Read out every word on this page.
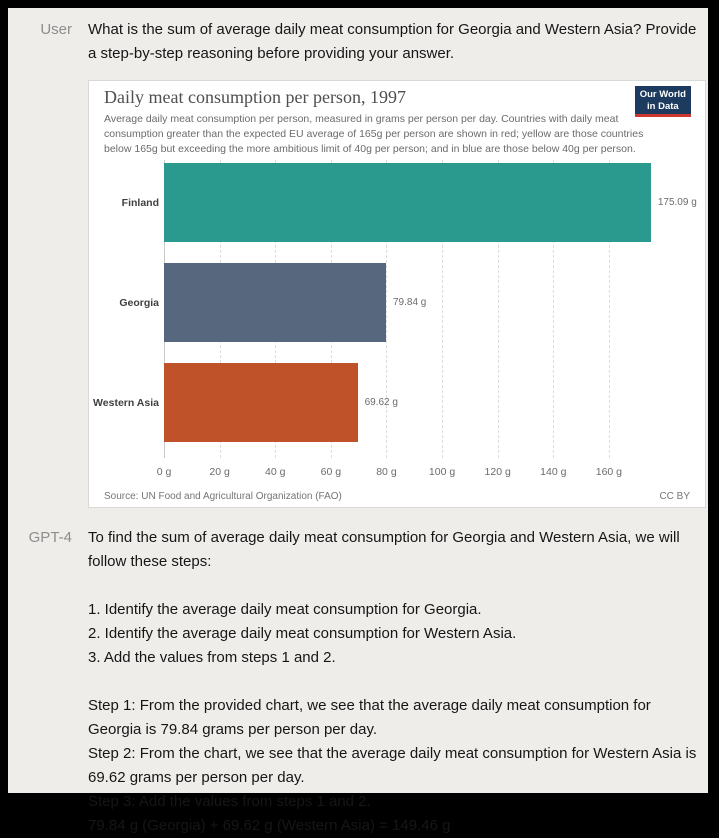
User What is the sum of average daily meat consumption for Georgia and Western Asia? Provide a step-by-step reasoning before providing your answer.
Daily meat consumption per person, 1997
Average daily meat consumption per person, measured in grams per person per day. Countries with daily meat consumption greater than the expected EU average of 165g per person are shown in red; yellow are those countries below 165g but exceeding the more ambitious limit of 40g per person; and in blue are those below 40g per person.
Our World
in Data
Source: UN Food and Agricultural Organization (FAO)	CC BY
0 g	20 g	40 g	60 g	80 g	100 g	120 g	140 g	160 g
Finland	175.09 g
Georgia	79.84 g
Western Asia	69.62 g
GPT-4 To find the sum of average daily meat consumption for Georgia and Western Asia, we will follow these steps:
1. Identify the average daily meat consumption for Georgia.
2. Identify the average daily meat consumption for Western Asia.
3. Add the values from steps 1 and 2.
Step 1: From the provided chart, we see that the average daily meat consumption for Georgia is 79.84 grams per person per day.
Step 2: From the chart, we see that the average daily meat consumption for Western Asia is 69.62 grams per person per day.
Step 3: Add the values from steps 1 and 2.
79.84 g (Georgia) + 69.62 g (Western Asia) = 149.46 g
